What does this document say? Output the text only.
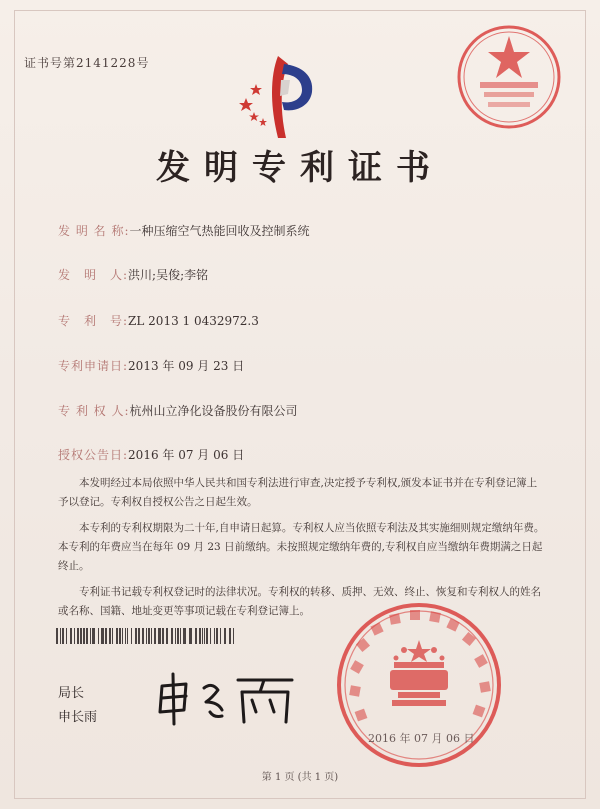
证书号第2141228号
发明专利证书
发 明 名 称:一种压缩空气热能回收及控制系统
发　明　人:洪川;吴俊;李铭
专　利　号:ZL 2013 1 0432972.3
专利申请日:2013 年 09 月 23 日
专 利 权 人:杭州山立净化设备股份有限公司
授权公告日:2016 年 07 月 06 日

本发明经过本局依照中华人民共和国专利法进行审查,决定授予专利权,颁发本证书并在专利登记簿上予以登记。专利权自授权公告之日起生效。

本专利的专利权期限为二十年,自申请日起算。专利权人应当依照专利法及其实施细则规定缴纳年费。本专利的年费应当在每年 09 月 23 日前缴纳。未按照规定缴纳年费的,专利权自应当缴纳年费期满之日起终止。

专利证书记载专利权登记时的法律状况。专利权的转移、质押、无效、终止、恢复和专利权人的姓名或名称、国籍、地址变更等事项记载在专利登记簿上。

局长
申长雨
2016 年 07 月 06 日
第 1 页 (共 1 页)
